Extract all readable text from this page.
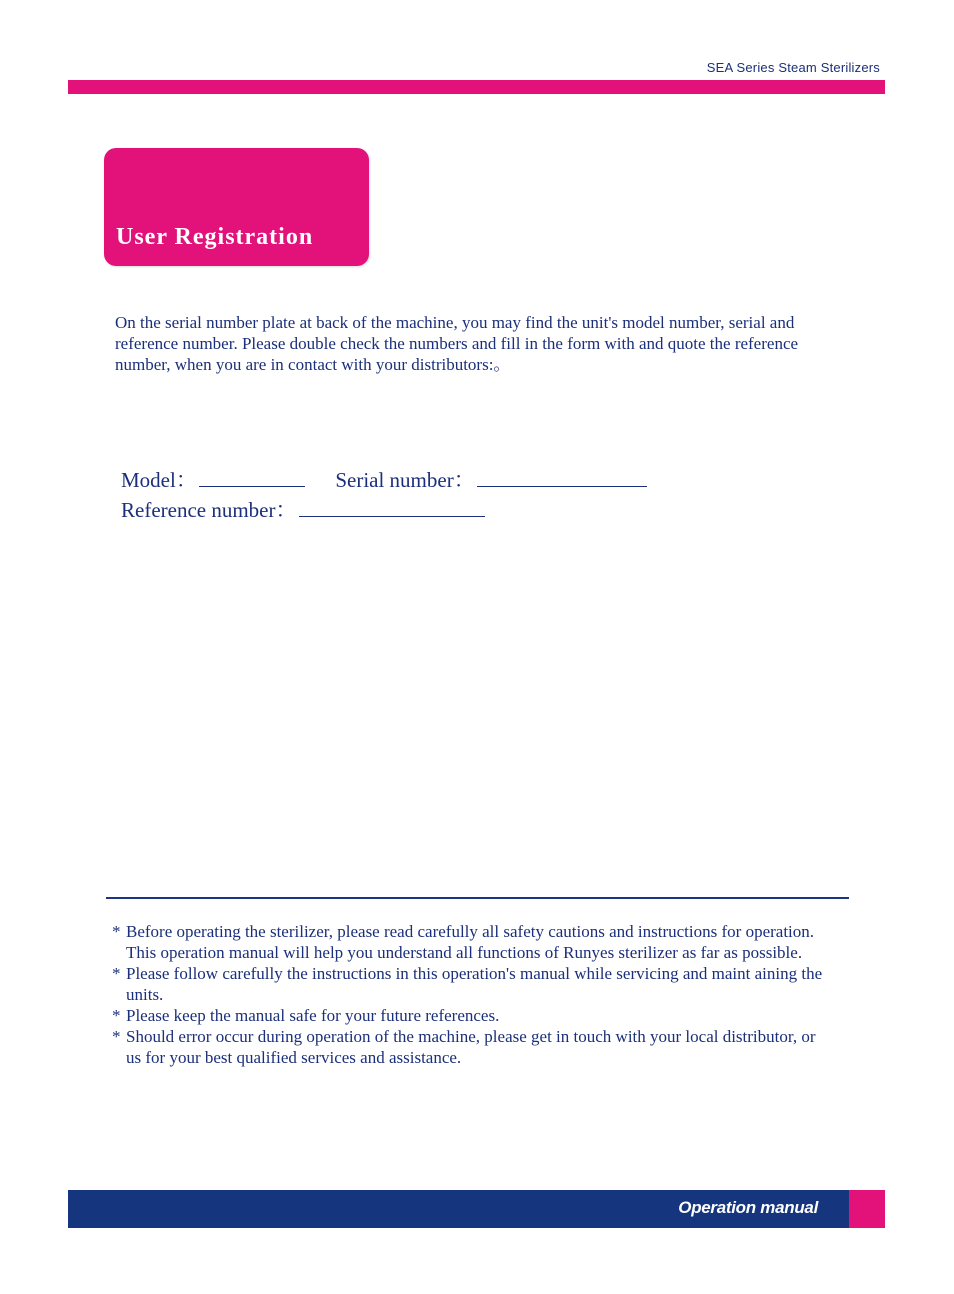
SEA Series Steam Sterilizers
User Registration

On the serial number plate at back of the machine, you may find the unit's model number, serial and reference number. Please double check the numbers and fill in the form with and quote the reference number, when you are in contact with your distributors:。

Model：	Serial number：
Reference number：
* Before operating the sterilizer, please read carefully all safety cautions and instructions for operation. This operation manual will help you understand all functions of Runyes sterilizer as far as possible.
* Please follow carefully the instructions in this operation's manual while servicing and maint aining the units.
* Please keep the manual safe for your future references.
* Should error occur during operation of the machine, please get in touch with your local distributor, or us for your best qualified services and assistance.
Operation manual
